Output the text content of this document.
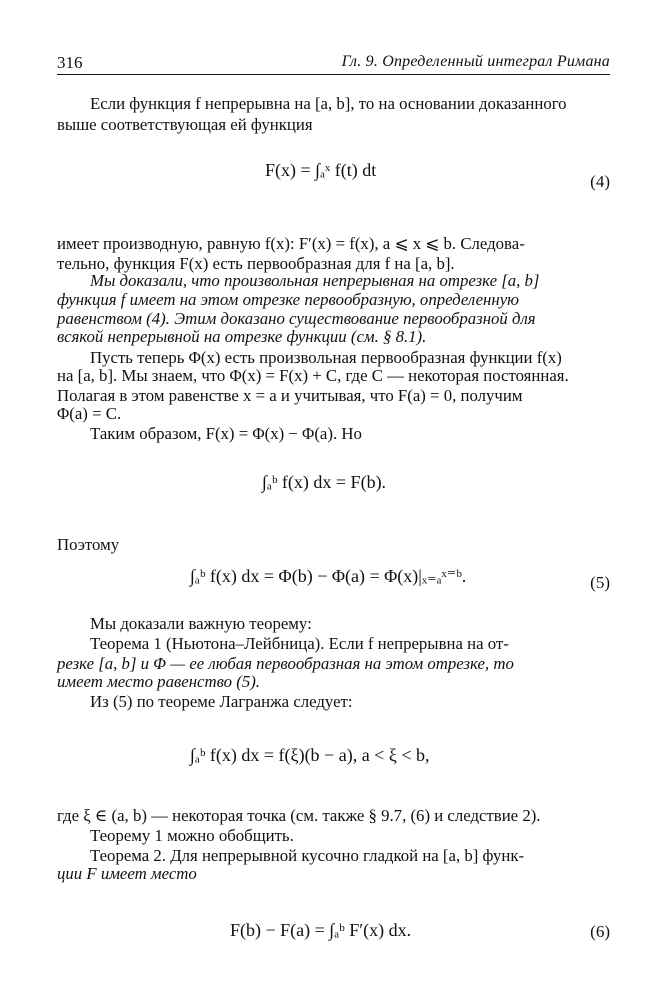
316	Гл. 9. Определенный интеграл Римана
Если функция f непрерывна на [a, b], то на основании доказанного
выше соответствующая ей функция
F(x) = ∫ₐˣ f(t) dt
(4)
имеет производную, равную f(x): F′(x) = f(x), a ⩽ x ⩽ b. Следова-
тельно, функция F(x) есть первообразная для f на [a, b].
Мы доказали, что произвольная непрерывная на отрезке [a, b]
функция f имеет на этом отрезке первообразную, определенную
равенством (4). Этим доказано существование первообразной для
всякой непрерывной на отрезке функции (см. § 8.1).
Пусть теперь Φ(x) есть произвольная первообразная функции f(x)
на [a, b]. Мы знаем, что Φ(x) = F(x) + C, где C — некоторая постоянная.
Полагая в этом равенстве x = a и учитывая, что F(a) = 0, получим
Φ(a) = C.
Таким образом, F(x) = Φ(x) − Φ(a). Но
∫ₐᵇ f(x) dx = F(b).
Поэтому
∫ₐᵇ f(x) dx = Φ(b) − Φ(a) = Φ(x)|ₓ₌ₐˣ⁼ᵇ.	(5)
Мы доказали важную теорему:
Теорема 1 (Ньютона–Лейбница). Если f непрерывна на от-
резке [a, b] и Φ — ее любая первообразная на этом отрезке, то
имеет место равенство (5).
Из (5) по теореме Лагранжа следует:
∫ₐᵇ f(x) dx = f(ξ)(b − a), a < ξ < b,
где ξ ∈ (a, b) — некоторая точка (см. также § 9.7, (6) и следствие 2).
Теорему 1 можно обобщить.
Теорема 2. Для непрерывной кусочно гладкой на [a, b] функ-
ции F имеет место
F(b) − F(a) = ∫ₐᵇ F′(x) dx.	(6)
